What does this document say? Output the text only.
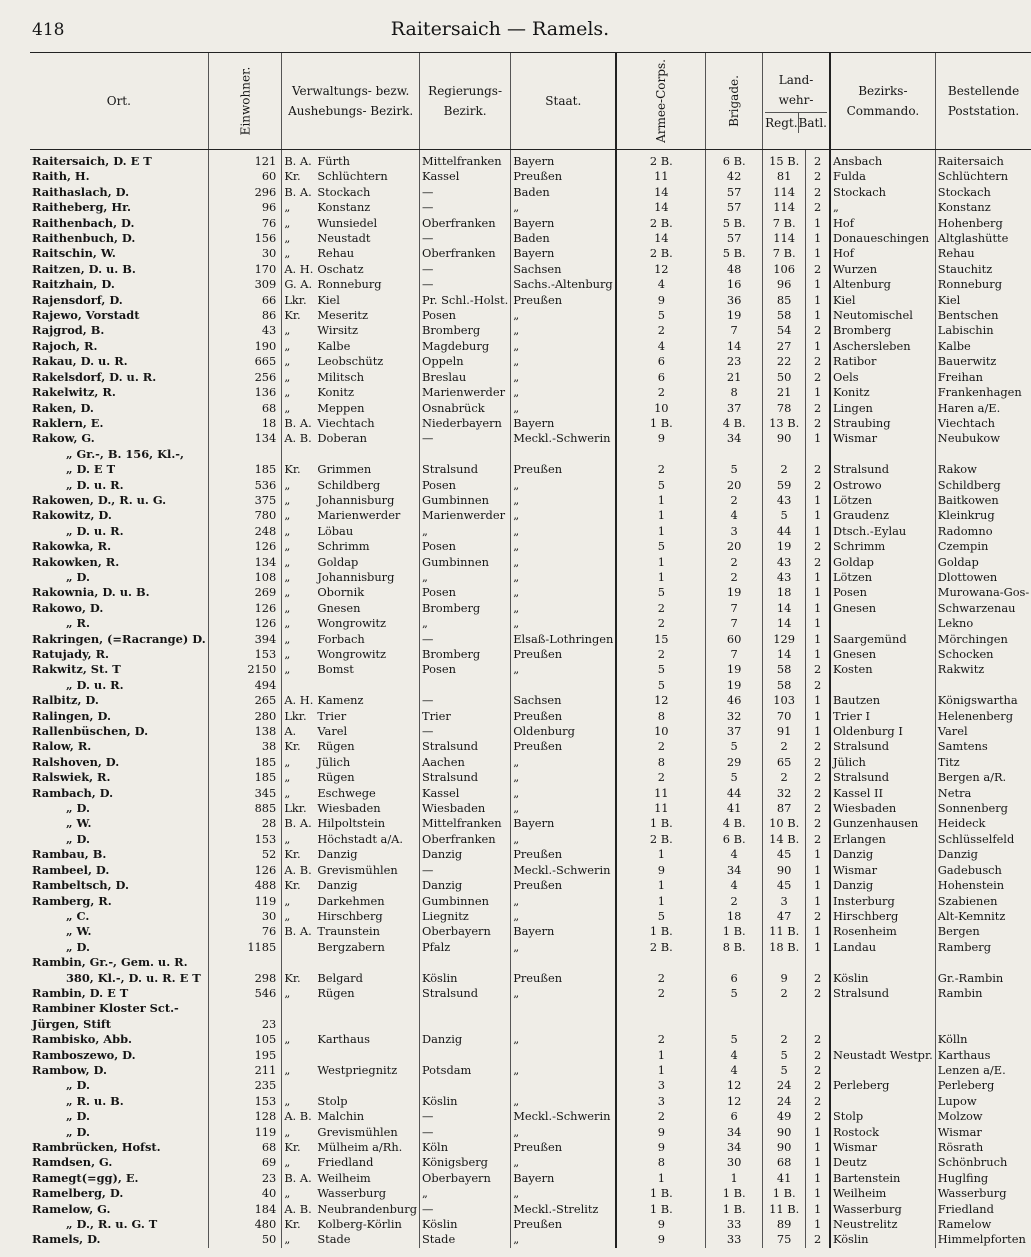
418	Raitersaich — Ramels.
Ort.	Einwohner.	Verwaltungs- bezw. Aushebungs- Bezirk.		Regierungs- Bezirk.	Staat.	Armee-Corps.	Brigade.	Land- wehr-
Regt. Batl.		Bezirks- Commando.	Bestellende Poststation.
Raitersaich, D. E T	121	B. A.	Fürth	Mittelfranken	Bayern	2 B.	6 B.	15 B.	2	Ansbach	Raitersaich
Raith, H.	60	Kr.	Schlüchtern	Kassel	Preußen	11	42	81	2	Fulda	Schlüchtern
Raithaslach, D.	296	B. A.	Stockach	—	Baden	14	57	114	2	Stockach	Stockach
Raitheberg, Hr.	96	„	Konstanz	—	„	14	57	114	2	„	Konstanz
Raithenbach, D.	76	„	Wunsiedel	Oberfranken	Bayern	2 B.	5 B.	7 B.	1	Hof	Hohenberg
Raithenbuch, D.	156	„	Neustadt	—	Baden	14	57	114	1	Donaueschingen	Altglashütte
Raitschin, W.	30	„	Rehau	Oberfranken	Bayern	2 B.	5 B.	7 B.	1	Hof	Rehau
Raitzen, D. u. B.	170	A. H.	Oschatz	—	Sachsen	12	48	106	2	Wurzen	Stauchitz
Raitzhain, D.	309	G. A.	Ronneburg	—	Sachs.-Altenburg	4	16	96	1	Altenburg	Ronneburg
Rajensdorf, D.	66	Lkr.	Kiel	Pr. Schl.-Holst.	Preußen	9	36	85	1	Kiel	Kiel
Rajewo, Vorstadt	86	Kr.	Meseritz	Posen	„	5	19	58	1	Neutomischel	Bentschen
Rajgrod, B.	43	„	Wirsitz	Bromberg	„	2	7	54	2	Bromberg	Labischin
Rajoch, R.	190	„	Kalbe	Magdeburg	„	4	14	27	1	Aschersleben	Kalbe
Rakau, D. u. R.	665	„	Leobschütz	Oppeln	„	6	23	22	2	Ratibor	Bauerwitz
Rakelsdorf, D. u. R.	256	„	Militsch	Breslau	„	6	21	50	2	Oels	Freihan
Rakelwitz, R.	136	„	Konitz	Marienwerder	„	2	8	21	1	Konitz	Frankenhagen
Raken, D.	68	„	Meppen	Osnabrück	„	10	37	78	2	Lingen	Haren a/E.
Raklern, E.	18	B. A.	Viechtach	Niederbayern	Bayern	1 B.	4 B.	13 B.	2	Straubing	Viechtach
Rakow, G.	134	A. B.	Doberan	—	Meckl.-Schwerin	9	34	90	1	Wismar	Neubukow
„ Gr.-, B. 156, Kl.-,											
„ D. E T	185	Kr.	Grimmen	Stralsund	Preußen	2	5	2	2	Stralsund	Rakow
„ D. u. R.	536	„	Schildberg	Posen	„	5	20	59	2	Ostrowo	Schildberg
Rakowen, D., R. u. G.	375	„	Johannisburg	Gumbinnen	„	1	2	43	1	Lötzen	Baitkowen
Rakowitz, D.	780	„	Marienwerder	Marienwerder	„	1	4	5	1	Graudenz	Kleinkrug
„ D. u. R.	248	„	Löbau	„	„	1	3	44	1	Dtsch.-Eylau	Radomno
Rakowka, R.	126	„	Schrimm	Posen	„	5	20	19	2	Schrimm	Czempin
Rakowken, R.	134	„	Goldap	Gumbinnen	„	1	2	43	2	Goldap	Goldap
„ D.	108	„	Johannisburg	„	„	1	2	43	1	Lötzen	Dlottowen
Rakownia, D. u. B.	269	„	Obornik	Posen	„	5	19	18	1	Posen	Murowana-Gos-
Rakowo, D.	126	„	Gnesen	Bromberg	„	2	7	14	1	Gnesen	Schwarzenau
„ R.	126	„	Wongrowitz	„	„	2	7	14	1		Lekno
Rakringen, (=Racrange) D.	394	„	Forbach	—	Elsaß-Lothringen	15	60	129	1	Saargemünd	Mörchingen
Ratujady, R.	153	„	Wongrowitz	Bromberg	Preußen	2	7	14	1	Gnesen	Schocken
Rakwitz, St. T	2150	„	Bomst	Posen	„	5	19	58	2	Kosten	Rakwitz
„ D. u. R.	494					5	19	58	2		
Ralbitz, D.	265	A. H.	Kamenz	—	Sachsen	12	46	103	1	Bautzen	Königswartha
Ralingen, D.	280	Lkr.	Trier	Trier	Preußen	8	32	70	1	Trier I	Helenenberg
Rallenbüschen, D.	138	A.	Varel	—	Oldenburg	10	37	91	1	Oldenburg I	Varel
Ralow, R.	38	Kr.	Rügen	Stralsund	Preußen	2	5	2	2	Stralsund	Samtens
Ralshoven, D.	185	„	Jülich	Aachen	„	8	29	65	2	Jülich	Titz
Ralswiek, R.	185	„	Rügen	Stralsund	„	2	5	2	2	Stralsund	Bergen a/R.
Rambach, D.	345	„	Eschwege	Kassel	„	11	44	32	2	Kassel II	Netra
„ D.	885	Lkr.	Wiesbaden	Wiesbaden	„	11	41	87	2	Wiesbaden	Sonnenberg
„ W.	28	B. A.	Hilpoltstein	Mittelfranken	Bayern	1 B.	4 B.	10 B.	2	Gunzenhausen	Heideck
„ D.	153	„	Höchstadt a/A.	Oberfranken	„	2 B.	6 B.	14 B.	2	Erlangen	Schlüsselfeld
Rambau, B.	52	Kr.	Danzig	Danzig	Preußen	1	4	45	1	Danzig	Danzig
Rambeel, D.	126	A. B.	Grevismühlen	—	Meckl.-Schwerin	9	34	90	1	Wismar	Gadebusch
Rambeltsch, D.	488	Kr.	Danzig	Danzig	Preußen	1	4	45	1	Danzig	Hohenstein
Ramberg, R.	119	„	Darkehmen	Gumbinnen	„	1	2	3	1	Insterburg	Szabienen
„ C.	30	„	Hirschberg	Liegnitz	„	5	18	47	2	Hirschberg	Alt-Kemnitz
„ W.	76	B. A.	Traunstein	Oberbayern	Bayern	1 B.	1 B.	11 B.	1	Rosenheim	Bergen
„ D.	1185		Bergzabern	Pfalz	„	2 B.	8 B.	18 B.	1	Landau	Ramberg
Rambin, Gr.-, Gem. u. R.											
380, Kl.-, D. u. R. E T	298	Kr.	Belgard	Köslin	Preußen	2	6	9	2	Köslin	Gr.-Rambin
Rambin, D. E T	546	„	Rügen	Stralsund	„	2	5	2	2	Stralsund	Rambin
Rambiner Kloster Sct.-											
Jürgen, Stift	23										
Rambisko, Abb.	105	„	Karthaus	Danzig	„	2	5	2	2		Kölln
Ramboszewo, D.	195					1	4	5	2	Neustadt Westpr.	Karthaus
Rambow, D.	211	„	Westpriegnitz	Potsdam	„	1	4	5	2		Lenzen a/E.
„ D.	235					3	12	24	2	Perleberg	Perleberg
„ R. u. B.	153	„	Stolp	Köslin	„	3	12	24	2		Lupow
„ D.	128	A. B.	Malchin	—	Meckl.-Schwerin	2	6	49	2	Stolp	Molzow
„ D.	119	„	Grevismühlen	—	„	9	34	90	1	Rostock	Wismar
Rambrücken, Hofst.	68	Kr.	Mülheim a/Rh.	Köln	Preußen	9	34	90	1	Wismar	Rösrath
Ramdsen, G.	69	„	Friedland	Königsberg	„	8	30	68	1	Deutz	Schönbruch
Ramegt(=gg), E.	23	B. A.	Weilheim	Oberbayern	Bayern	1	1	41	1	Bartenstein	Huglfing
Ramelberg, D.	40	„	Wasserburg	„	„	1 B.	1 B.	1 B.	1	Weilheim	Wasserburg
Ramelow, G.	184	A. B.	Neubrandenburg	—	Meckl.-Strelitz	1 B.	1 B.	11 B.	1	Wasserburg	Friedland
„ D., R. u. G. T	480	Kr.	Kolberg-Körlin	Köslin	Preußen	9	33	89	1	Neustrelitz	Ramelow
Ramels, D.	50	„	Stade	Stade	„	9	33	75	2	Köslin	Himmelpforten
